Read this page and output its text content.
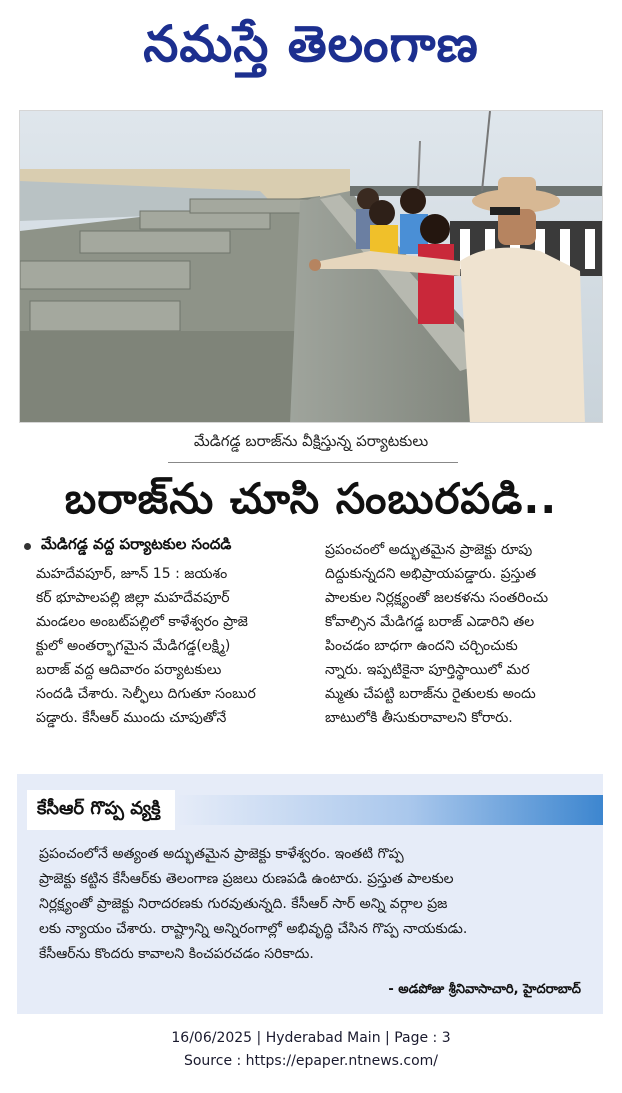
నమస్తే తెలంగాణ
మేడిగడ్డ బరాజ్‌ను వీక్షిస్తున్న పర్యాటకులు
బరాజ్‌ను చూసి సంబురపడి..
మేడిగడ్డ వద్ద పర్యాటకుల సందడి
మహదేవపూర్, జూన్ 15 : జయశం
కర్ భూపాలపల్లి జిల్లా మహదేవపూర్
మండలం అంబట్‌పల్లిలో కాళేశ్వరం ప్రాజె
క్టులో అంతర్భాగమైన మేడిగడ్డ(లక్ష్మి)
బరాజ్ వద్ద ఆదివారం పర్యాటకులు
సందడి చేశారు. సెల్ఫీలు దిగుతూ సంబుర
పడ్డారు. కేసీఆర్ ముందు చూపుతోనే
ప్రపంచంలో అద్భుతమైన ప్రాజెక్టు రూపు
దిద్దుకున్నదని అభిప్రాయపడ్డారు. ప్రస్తుత
పాలకుల నిర్లక్ష్యంతో జలకళను సంతరించు
కోవాల్సిన మేడిగడ్డ బరాజ్ ఎడారిని తల
పించడం బాధగా ఉందని చర్చించుకు
న్నారు. ఇప్పటికైనా పూర్తిస్థాయిలో మర
మ్మతు చేపట్టి బరాజ్‌ను రైతులకు అందు
బాటులోకి తీసుకురావాలని కోరారు.
కేసీఆర్ గొప్ప వ్యక్తి
ప్రపంచంలోనే అత్యంత అద్భుతమైన ప్రాజెక్టు కాళేశ్వరం. ఇంతటి గొప్ప
ప్రాజెక్టు కట్టిన కేసీఆర్‌కు తెలంగాణ ప్రజలు రుణపడి ఉంటారు. ప్రస్తుత పాలకుల
నిర్లక్ష్యంతో ప్రాజెక్టు నిరాదరణకు గురవుతున్నది. కేసీఆర్ సార్ అన్ని వర్గాల ప్రజ
లకు న్యాయం చేశారు. రాష్ట్రాన్ని అన్నిరంగాల్లో అభివృద్ధి చేసిన గొప్ప నాయకుడు.
కేసీఆర్‌ను కొందరు కావాలని కించపరచడం సరికాదు.
- అడపోజు శ్రీనివాసాచారి, హైదరాబాద్
16/06/2025 | Hyderabad Main | Page : 3
Source : https://epaper.ntnews.com/
